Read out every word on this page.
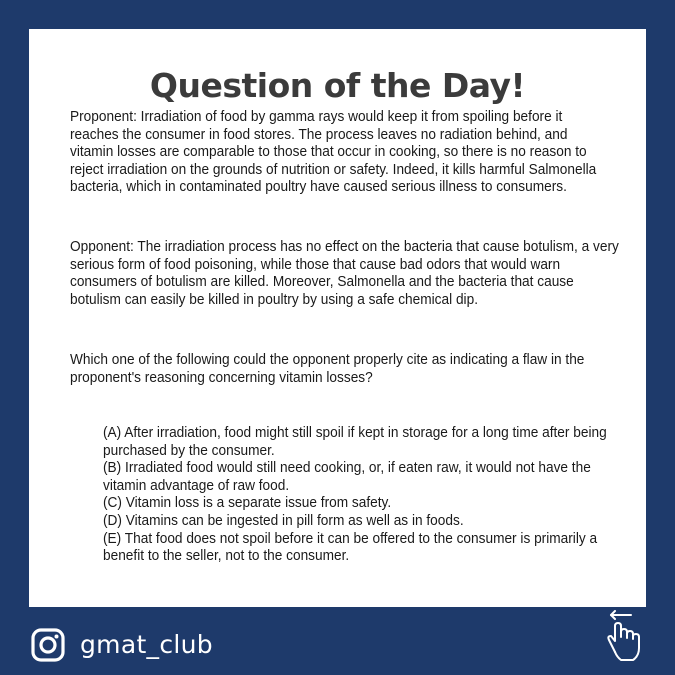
Question of the Day!

Proponent: Irradiation of food by gamma rays would keep it from spoiling before it reaches the consumer in food stores. The process leaves no radiation behind, and vitamin losses are comparable to those that occur in cooking, so there is no reason to reject irradiation on the grounds of nutrition or safety. Indeed, it kills harmful Salmonella bacteria, which in contaminated poultry have caused serious illness to consumers.

Opponent: The irradiation process has no effect on the bacteria that cause botulism, a very serious form of food poisoning, while those that cause bad odors that would warn consumers of botulism are killed. Moreover, Salmonella and the bacteria that cause botulism can easily be killed in poultry by using a safe chemical dip.

Which one of the following could the opponent properly cite as indicating a flaw in the proponent's reasoning concerning vitamin losses?

(A) After irradiation, food might still spoil if kept in storage for a long time after being purchased by the consumer.

(B) Irradiated food would still need cooking, or, if eaten raw, it would not have the vitamin advantage of raw food.

(C) Vitamin loss is a separate issue from safety.

(D) Vitamins can be ingested in pill form as well as in foods.

(E) That food does not spoil before it can be offered to the consumer is primarily a benefit to the seller, not to the consumer.

gmat_club
